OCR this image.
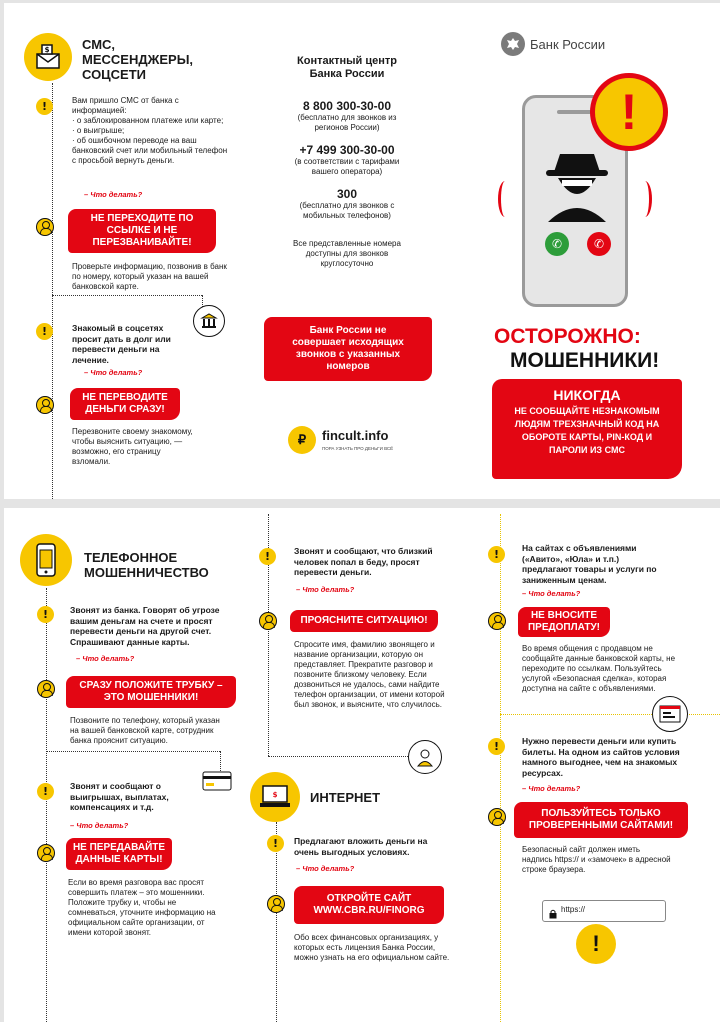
$	СМС, МЕССЕНДЖЕРЫ, СОЦСЕТИ
!	Вам пришло СМС от банка с информацией:
· о заблокированном платеже или карте;
· о выигрыше;
· об ошибочном переводе на ваш банковский счет или мобильный телефон с просьбой вернуть деньги.
– Что делать?
НЕ ПЕРЕХОДИТЕ ПО ССЫЛКЕ И НЕ ПЕРЕЗВАНИВАЙТЕ!
Проверьте информацию, позвонив в банк по номеру, который указан на вашей банковской карте.
!	Знакомый в соцсетях просит дать в долг или перевести деньги на лечение.
– Что делать?
НЕ ПЕРЕВОДИТЕ ДЕНЬГИ СРАЗУ!
Перезвоните своему знакомому, чтобы выяснить ситуацию, — возможно, его страницу взломали.
Контактный центр Банка России
8 800 300-30-00
(бесплатно для звонков из регионов России)
+7 499 300-30-00
(в соответствии с тарифами вашего оператора)
300
(бесплатно для звонков с мобильных телефонов)
Все представленные номера доступны для звонков круглосуточно
Банк России не совершает исходящих звонков с указанных номеров
₽	fincult.info
ПОРА УЗНАТЬ ПРО ДЕНЬГИ ВСЁ
Банк России
✆	✆
!
ОСТОРОЖНО:
МОШЕННИКИ!
НИКОГДА
НЕ СООБЩАЙТЕ НЕЗНАКОМЫМ ЛЮДЯМ ТРЕХЗНАЧНЫЙ КОД НА ОБОРОТЕ КАРТЫ, PIN-КОД И ПАРОЛИ ИЗ СМС
ТЕЛЕФОННОЕ МОШЕННИЧЕСТВО
!	Звонят из банка. Говорят об угрозе вашим деньгам на счете и просят перевести деньги на другой счет. Спрашивают данные карты.
– Что делать?
СРАЗУ ПОЛОЖИТЕ ТРУБКУ – ЭТО МОШЕННИКИ!
Позвоните по телефону, который указан на вашей банковской карте, сотрудник банка прояснит ситуацию.
!	Звонят и сообщают о выигрышах, выплатах, компенсациях и т.д.
– Что делать?
НЕ ПЕРЕДАВАЙТЕ ДАННЫЕ КАРТЫ!
Если во время разговора вас просят совершить платеж – это мошенники. Положите трубку и, чтобы не сомневаться, уточните информацию на официальном сайте организации, от имени которой звонят.
!	Звонят и сообщают, что близкий человек попал в беду, просят перевести деньги.
– Что делать?
ПРОЯСНИТЕ СИТУАЦИЮ!
Спросите имя, фамилию звонящего и название организации, которую он представляет. Прекратите разговор и позвоните близкому человеку. Если дозвониться не удалось, сами найдите телефон организации, от имени которой был звонок, и выясните, что случилось.
$	ИНТЕРНЕТ
!	Предлагают вложить деньги на очень выгодных условиях.
– Что делать?
ОТКРОЙТЕ САЙТ WWW.CBR.RU/FINORG
Обо всех финансовых организациях, у которых есть лицензия Банка России, можно узнать на его официальном сайте.
!	На сайтах с объявлениями («Авито», «Юла» и т.п.) предлагают товары и услуги по заниженным ценам.
– Что делать?
НЕ ВНОСИТЕ ПРЕДОПЛАТУ!
Во время общения с продавцом не сообщайте данные банковской карты, не переходите по ссылкам. Пользуйтесь услугой «Безопасная сделка», которая доступна на сайте с объявлениями.
!	Нужно перевести деньги или купить билеты. На одном из сайтов условия намного выгоднее, чем на знакомых ресурсах.
– Что делать?
ПОЛЬЗУЙТЕСЬ ТОЛЬКО ПРОВЕРЕННЫМИ САЙТАМИ!
Безопасный сайт должен иметь надпись https:// и «замочек» в адресной строке браузера.
https://
!
